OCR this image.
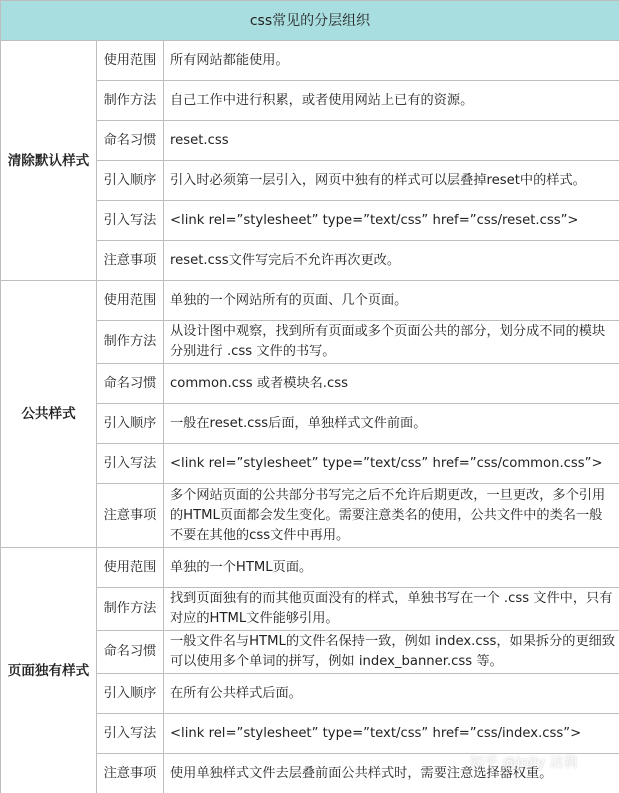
css常见的分层组织		
清除默认样式	使用范围	所有网站都能使用。
	制作方法	自己工作中进行积累，或者使用网站上已有的资源。
	命名习惯	reset.css
	引入顺序	引入时必须第一层引入，网页中独有的样式可以层叠掉reset中的样式。
	引入写法	<link rel=”stylesheet” type=”text/css” href=”css/reset.css”>
	注意事项	reset.css文件写完后不允许再次更改。
公共样式	使用范围	单独的一个网站所有的页面、几个页面。
	制作方法	从设计图中观察，找到所有页面或多个页面公共的部分，划分成不同的模块分别进行 .css 文件的书写。
	命名习惯	common.css 或者模块名.css
	引入顺序	一般在reset.css后面，单独样式文件前面。
	引入写法	<link rel=”stylesheet” type=”text/css” href=”css/common.css”>
	注意事项	多个网站页面的公共部分书写完之后不允许后期更改，一旦更改，多个引用的HTML页面都会发生变化。需要注意类名的使用，公共文件中的类名一般不要在其他的css文件中再用。
页面独有样式	使用范围	单独的一个HTML页面。
	制作方法	找到页面独有的而其他页面没有的样式，单独书写在一个 .css 文件中，只有对应的HTML文件能够引用。
	命名习惯	一般文件名与HTML的文件名保持一致，例如 index.css，如果拆分的更细致可以使用多个单词的拼写，例如 index_banner.css 等。
	引入顺序	在所有公共样式后面。
	引入写法	<link rel=”stylesheet” type=”text/css” href=”css/index.css”>
	注意事项	使用单独样式文件去层叠前面公共样式时，需要注意选择器权重。
知乎 @Jolly 洁莉
